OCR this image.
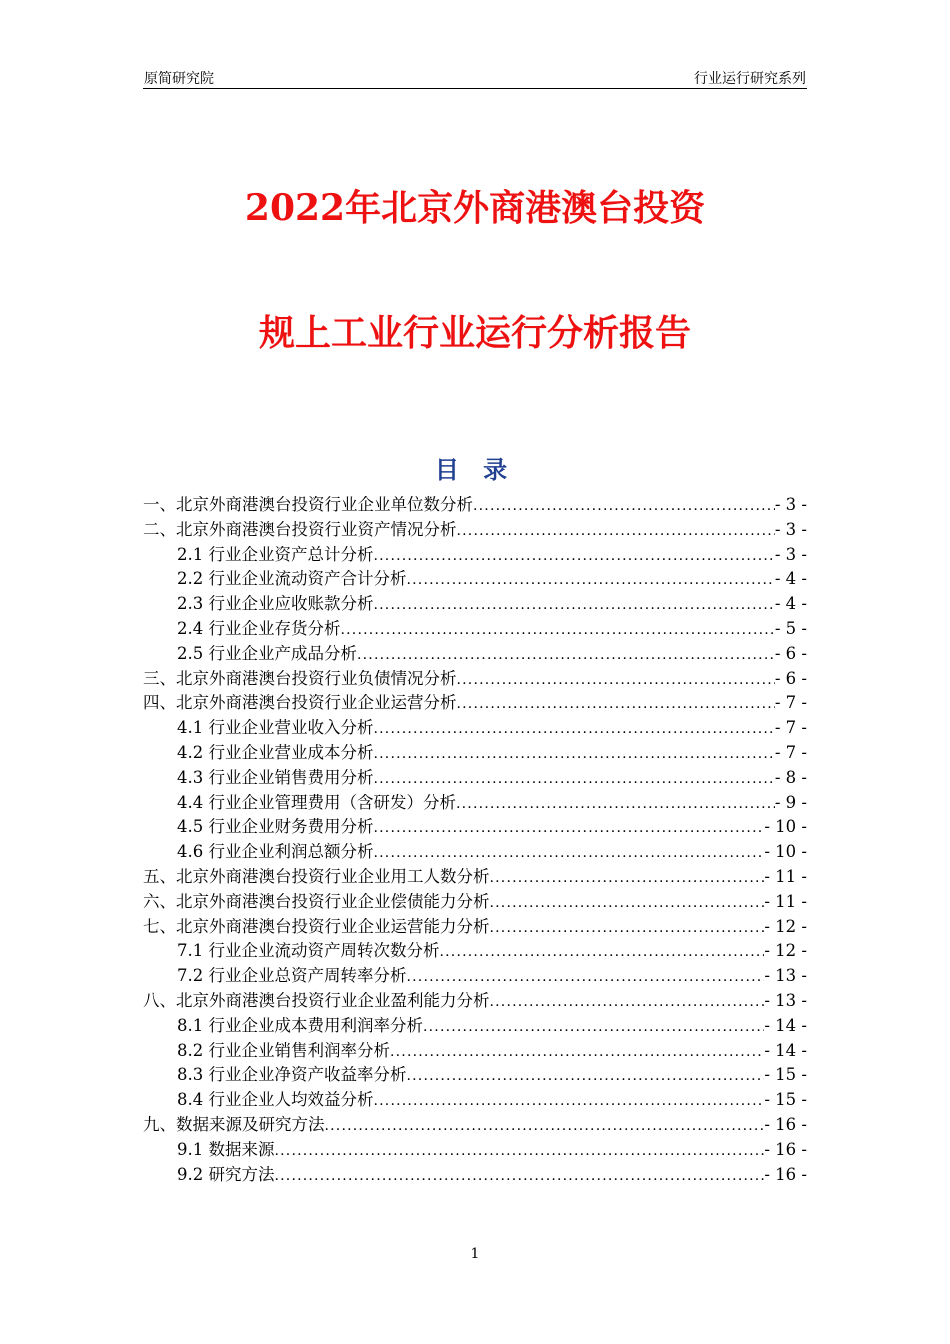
原简研究院	行业运行研究系列
2022年北京外商港澳台投资
规上工业行业运行分析报告
目 录
一、北京外商港澳台投资行业企业单位数分析 .....	- 3 -
二、北京外商港澳台投资行业资产情况分析 .....	- 3 -
2.1 行业企业资产总计分析 .....	- 3 -
2.2 行业企业流动资产合计分析 .....	- 4 -
2.3 行业企业应收账款分析 .....	- 4 -
2.4 行业企业存货分析 .....	- 5 -
2.5 行业企业产成品分析 .....	- 6 -
三、北京外商港澳台投资行业负债情况分析 .....	- 6 -
四、北京外商港澳台投资行业企业运营分析 .....	- 7 -
4.1 行业企业营业收入分析 .....	- 7 -
4.2 行业企业营业成本分析 .....	- 7 -
4.3 行业企业销售费用分析 .....	- 8 -
4.4 行业企业管理费用（含研发）分析 .....	- 9 -
4.5 行业企业财务费用分析 .....	- 10 -
4.6 行业企业利润总额分析 .....	- 10 -
五、北京外商港澳台投资行业企业用工人数分析 .....	- 11 -
六、北京外商港澳台投资行业企业偿债能力分析 .....	- 11 -
七、北京外商港澳台投资行业企业运营能力分析 .....	- 12 -
7.1 行业企业流动资产周转次数分析 .....	- 12 -
7.2 行业企业总资产周转率分析 .....	- 13 -
八、北京外商港澳台投资行业企业盈利能力分析 .....	- 13 -
8.1 行业企业成本费用利润率分析 .....	- 14 -
8.2 行业企业销售利润率分析 .....	- 14 -
8.3 行业企业净资产收益率分析 .....	- 15 -
8.4 行业企业人均效益分析 .....	- 15 -
九、数据来源及研究方法 .....	- 16 -
9.1 数据来源 .....	- 16 -
9.2 研究方法 .....	- 16 -
1
